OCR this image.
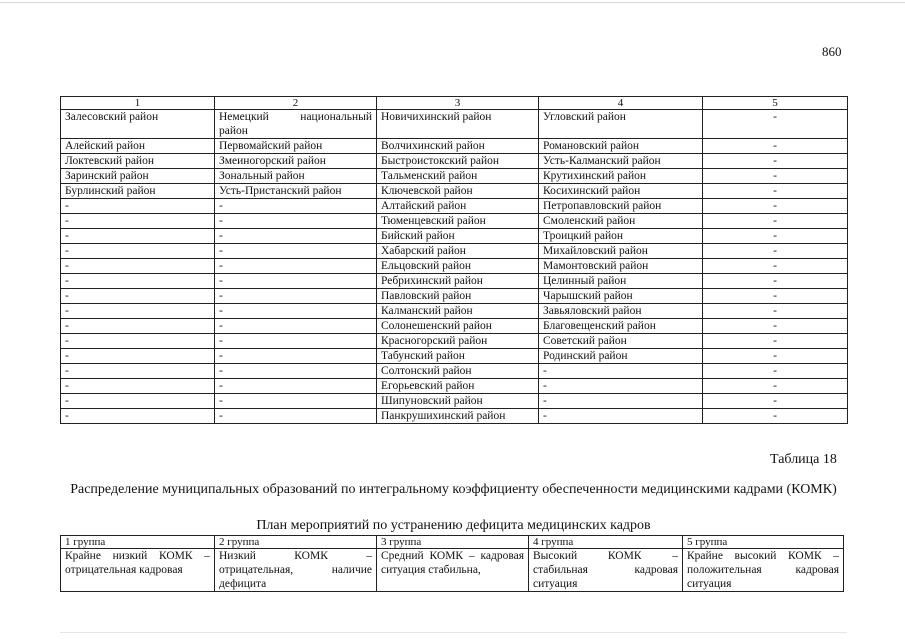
860
1	2	3	4	5
Залесовский район	Немецкий национальный район	Новичихинский район	Угловский район	-
Алейский район	Первомайский район	Волчихинский район	Романовский район	-
Локтевский район	Змеиногорский район	Быстроистокский район	Усть-Калманский район	-
Заринский район	Зональный район	Тальменский район	Крутихинский район	-
Бурлинский район	Усть-Пристанский район	Ключевской район	Косихинский район	-
-	-	Алтайский район	Петропавловский район	-
-	-	Тюменцевский район	Смоленский район	-
-	-	Бийский район	Троицкий район	-
-	-	Хабарский район	Михайловский район	-
-	-	Ельцовский район	Мамонтовский район	-
-	-	Ребрихинский район	Целинный район	-
-	-	Павловский район	Чарышский район	-
-	-	Калманский район	Завьяловский район	-
-	-	Солонешенский район	Благовещенский район	-
-	-	Красногорский район	Советский район	-
-	-	Табунский район	Родинский район	-
-	-	Солтонский район	-	-
-	-	Егорьевский район	-	-
-	-	Шипуновский район	-	-
-	-	Панкрушихинский район	-	-
Таблица 18
Распределение муниципальных образований по интегральному коэффициенту обеспеченности медицинскими кадрами (КОМК)
План мероприятий по устранению дефицита медицинских кадров
1 группа	2 группа	3 группа	4 группа	5 группа
Крайне низкий КОМК – отрицательная кадровая	Низкий КОМК – отрицательная, наличие дефицита	Средний КОМК – кадровая ситуация стабильна,	Высокий КОМК – стабильная кадровая ситуация	Крайне высокий КОМК – положительная кадровая ситуация
